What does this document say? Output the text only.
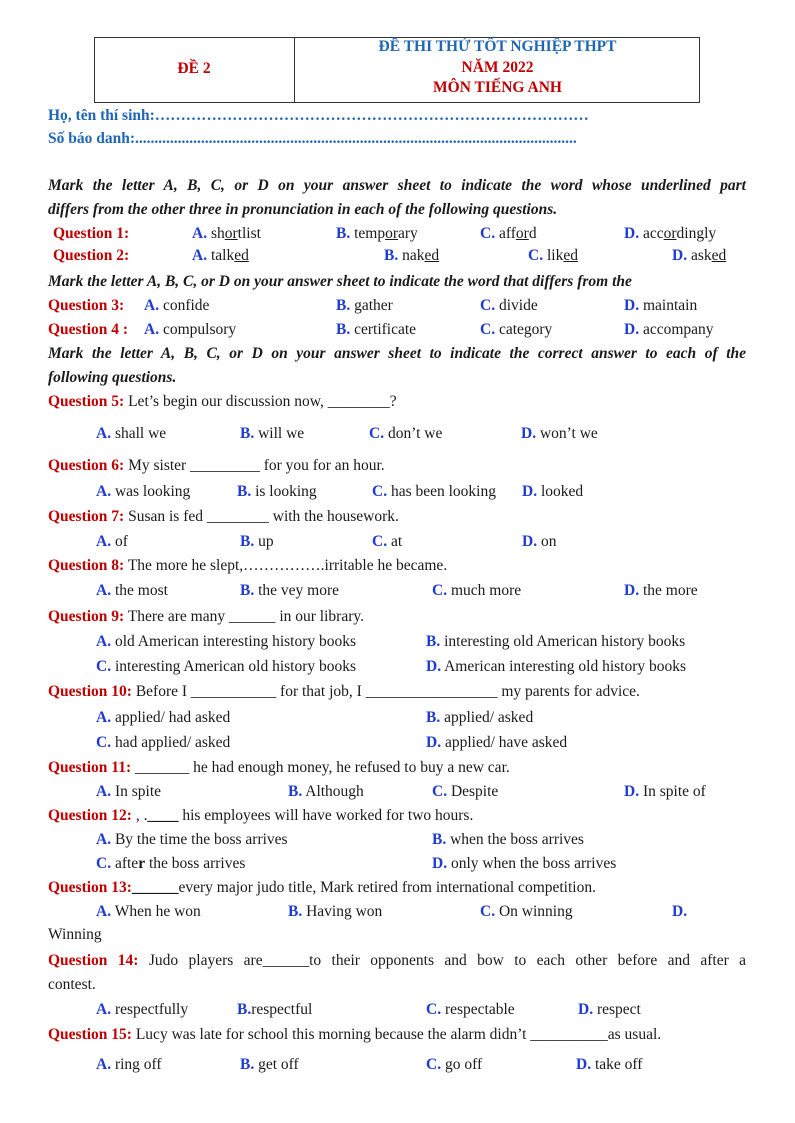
ĐỀ 2
ĐỀ THI THỬ TỐT NGHIỆP THPT
NĂM 2022
MÔN TIẾNG ANH
Họ, tên thí sinh:…………………………………………………………………………
Số báo danh:..................................................................................................................
Mark the letter A, B, C, or D on your answer sheet to indicate the word whose underlined part
differs from the other three in pronunciation in each of the following questions.
Question 1:	A. shortlist	B. temporary	C. afford	D. accordingly
Question 2:	A. talked	B. naked	C. liked	D. asked
Mark the letter A, B, C, or D on your answer sheet to indicate the word that differs from the
Question 3: A. confide	B. gather	C. divide	D. maintain
Question 4 : A. compulsory	B. certificate	C. category	D. accompany
Mark the letter A, B, C, or D on your answer sheet to indicate the correct answer to each of the
following questions.
Question 5: Let’s begin our discussion now, ________?
A. shall we	B. will we	C. don’t we	D. won’t we
Question 6: My sister _________ for you for an hour.
A. was looking	B. is looking	C. has been looking D. looked
Question 7: Susan is fed ________ with the housework.
A. of	B. up	C. at	D. on
Question 8: The more he slept,…………….irritable he became.
A. the most	B. the vey more	C. much more	D. the more
Question 9: There are many ______ in our library.
A. old American interesting history books	B. interesting old American history books
C. interesting American old history books	D. American interesting old history books
Question 10: Before I ___________ for that job, I _________________ my parents for advice.
A. applied/ had asked	B. applied/ asked
C. had applied/ asked	D. applied/ have asked
Question 11: _______ he had enough money, he refused to buy a new car.
A. In spite	B. Although	C. Despite	D. In spite of
Question 12: , .____ his employees will have worked for two hours.
A. By the time the boss arrives	B. when the boss arrives
C. after the boss arrives	D. only when the boss arrives
Question 13:______every major judo title, Mark retired from international competition.
A. When he won	B. Having won	C. On winning	D.
Winning
Question 14: Judo players are______to their opponents and bow to each other before and after a
contest.
A. respectfully	B.respectful	C. respectable	D. respect
Question 15: Lucy was late for school this morning because the alarm didn’t __________as usual.
A. ring off	B. get off	C. go off	D. take off
